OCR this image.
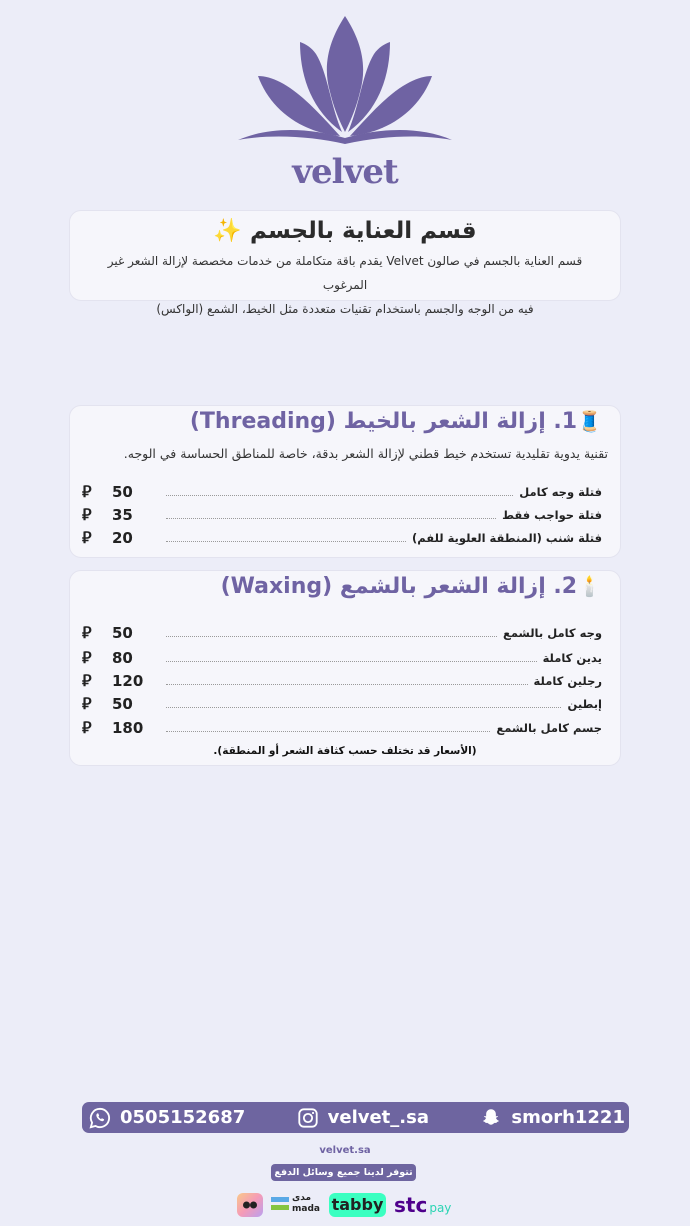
velvet
قسم العناية بالجسم ✨

قسم العناية بالجسم في صالون Velvet يقدم باقة متكاملة من خدمات مخصصة لإزالة الشعر غير المرغوب
فيه من الوجه والجسم باستخدام تقنيات متعددة مثل الخيط، الشمع (الواكس)

🧵1. إزالة الشعر بالخيط (Threading)
تقنية يدوية تقليدية تستخدم خيط قطني لإزالة الشعر بدقة، خاصة للمناطق الحساسة في الوجه.
فتلة وجه كامل
50
⃁
فتلة حواجب فقط
35
⃁
فتلة شنب (المنطقة العلوية للفم)
20
⃁
🕯️2. إزالة الشعر بالشمع (Waxing)
وجه كامل بالشمع
50
⃁
يدين كاملة
80
⃁
رجلين كاملة
120
⃁
إبطين
50
⃁
جسم كامل بالشمع
180
⃁
(الأسعار قد تختلف حسب كثافة الشعر أو المنطقة).
0505152687	velvet_.sa	smorh1221
velvet.sa
تتوفر لدينا جميع وسائل الدفع
مدى
mada tabby stc pay
